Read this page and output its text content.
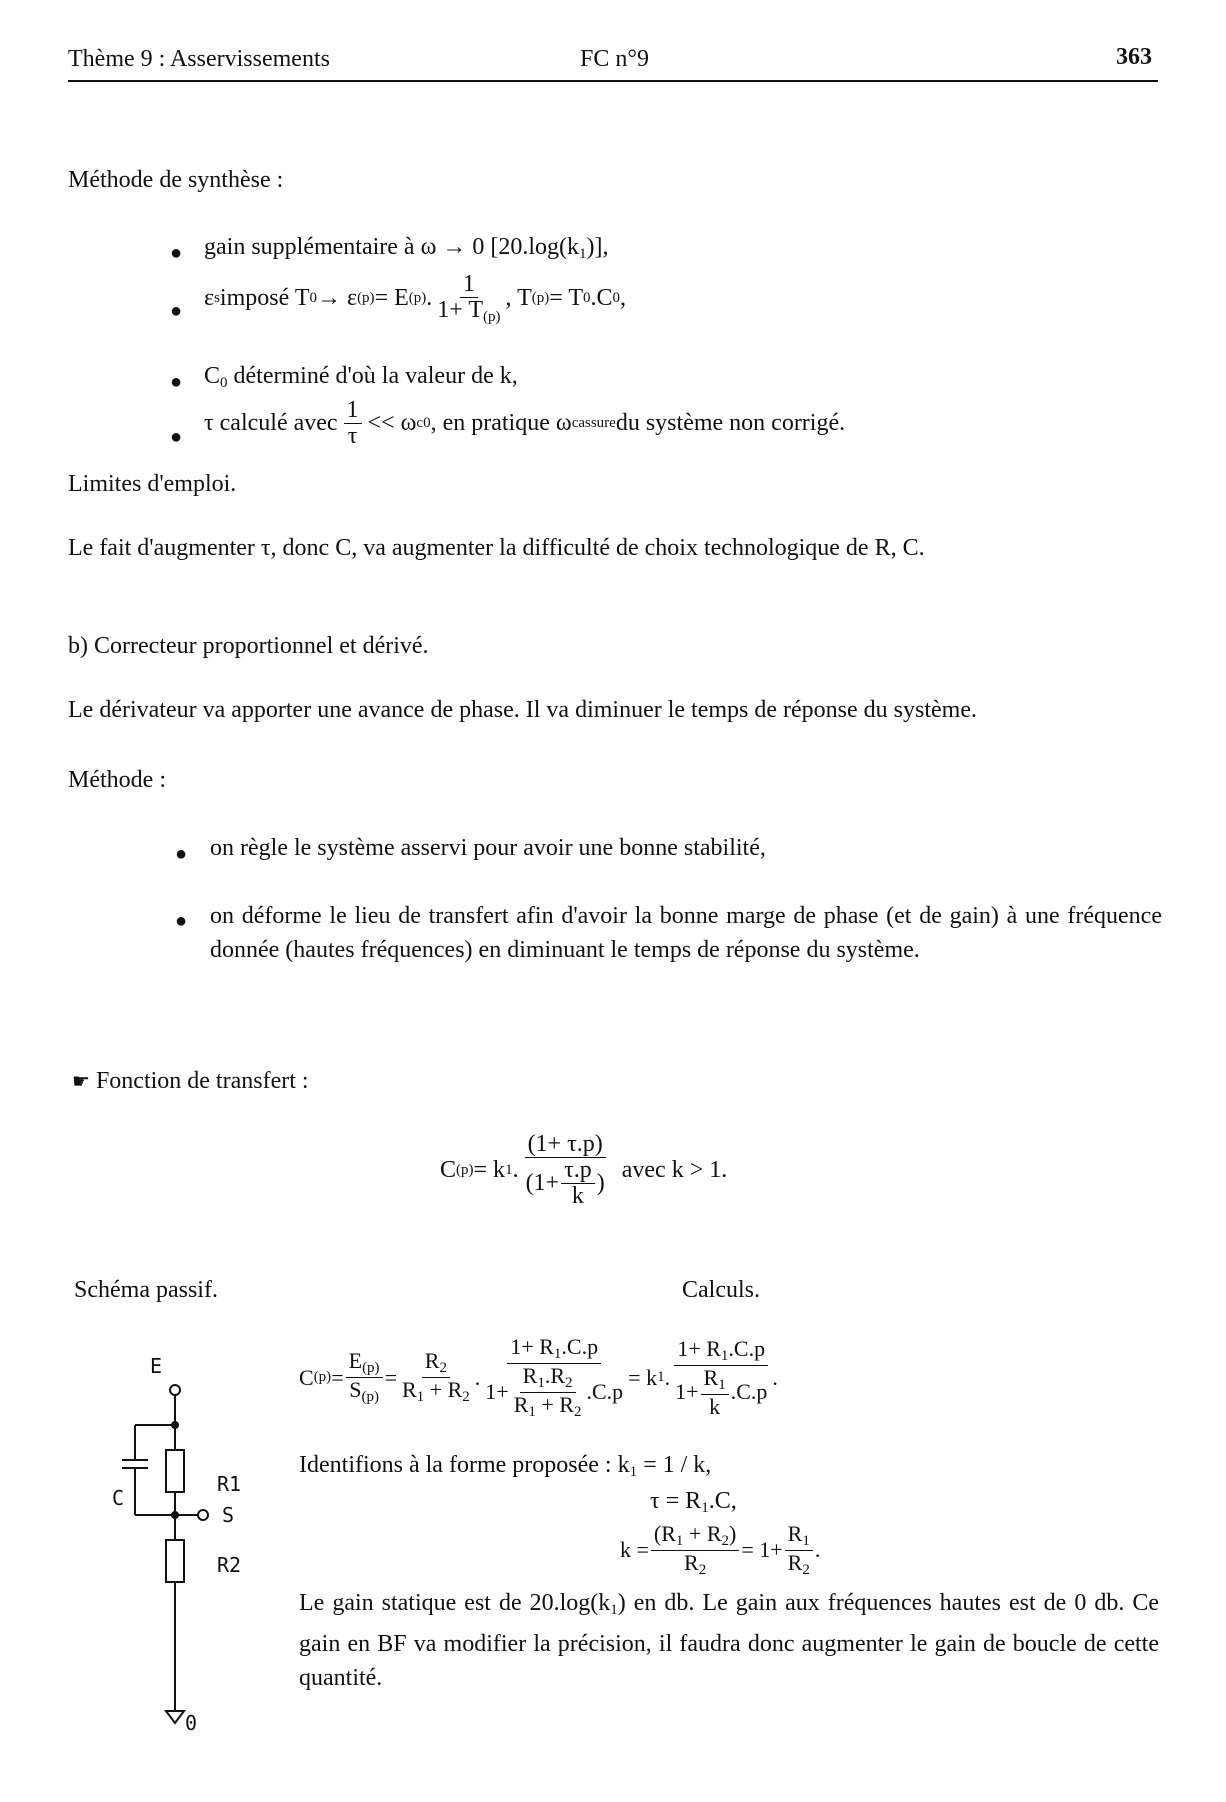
Thème 9 : Asservissements	FC n°9	363
Méthode de synthèse :
● gain supplémentaire à ω → 0 $[20.\log(k_1)]$,
● ε s imposé T 0 → ε (p) = E (p) . $\frac{1}{1+ T_{(p)}}$ , T (p) = T 0 .C 0 ,
● $C_0$ déterminé d'où la valeur de k,
●
τ calculé avec $\frac{1}{\tau} << \omega$ c0 , en pratique ω cassure du système non corrigé.
Limites d'emploi.
Le fait d'augmenter τ, donc C, va augmenter la difficulté de choix technologique de R, C.
b) Correcteur proportionnel et dérivé.
Le dérivateur va apporter une avance de phase. Il va diminuer le temps de réponse du système.
Méthode :
● on règle le système asservi pour avoir une bonne stabilité,
● on déforme le lieu de transfert afin d'avoir la bonne marge de phase (et de gain) à une fréquence donnée (hautes fréquences) en diminuant le temps de réponse du système.
☛ Fonction de transfert :
C (p) = k 1 . $\frac{(1+ \tau.p)}{(1+ \frac{\tau.p}{k} )}$ avec k > 1.
Schéma passif.	Calculs.
E
C
R1
S
R2
0
C $(p) = \frac{E_{(p)}}{S_{(p)}} = \frac{R_2}{R_1 + R_2}$ . $\frac{1+ R_1.C.p}{1+ \frac{R_1.R_2}{R_1 + R_2} .C.p} = k$ 1 . $\frac{1+ R_1.C.p}{1+ \frac{R_1}{k} .C.p}$ .
Identifions à la forme proposée : $k_1 = 1 / k$,
$\tau = R_1.C$,
$k = \frac{(R_1 + R_2)}{R_2} = 1+ \frac{R_1}{R_2}$ .
Le gain statique est de $20.\log(k_1)$ en db. Le gain aux fréquences hautes est de 0 db. Ce gain en BF va modifier la précision, il faudra donc augmenter le gain de boucle de cette quantité.
